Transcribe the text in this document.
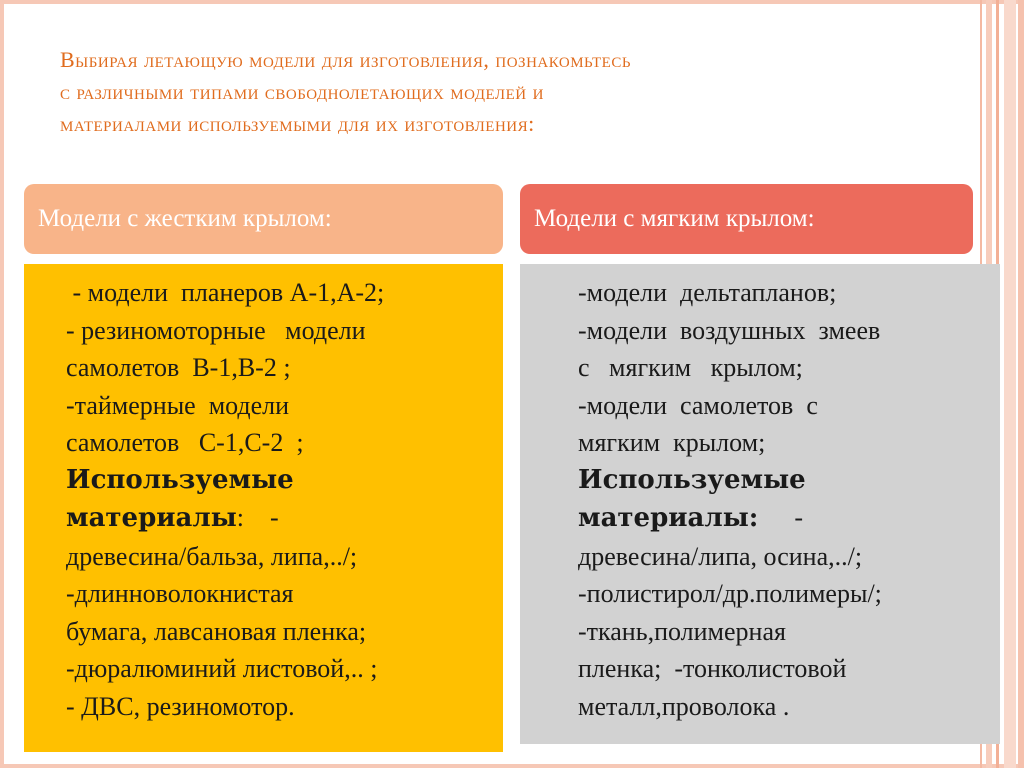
Выбирая летающую модели для изготовления, познакомьтесь
с различными типами свободнолетающих моделей и
материалами используемыми для их изготовления:
Модели с жестким крылом:	Модели с мягким крылом:
- модели  планеров А-1,А-2;
- резиномоторные   модели
самолетов  В-1,В-2 ;
-таймерные  модели
самолетов   С-1,С-2  ;
Используемые
материалы:    -
древесина/бальза, липа,../;
-длинноволокнистая
бумага, лавсановая пленка;
-дюралюминий листовой,.. ;
- ДВС, резиномотор.
-модели  дельтапланов;
-модели  воздушных  змеев
с   мягким   крылом;
-модели  самолетов  с
мягким  крылом;
Используемые
материалы: -
древесина/липа, осина,../;
-полистирол/др.полимеры/;
-ткань,полимерная
пленка;  -тонколистовой
металл,проволока .
